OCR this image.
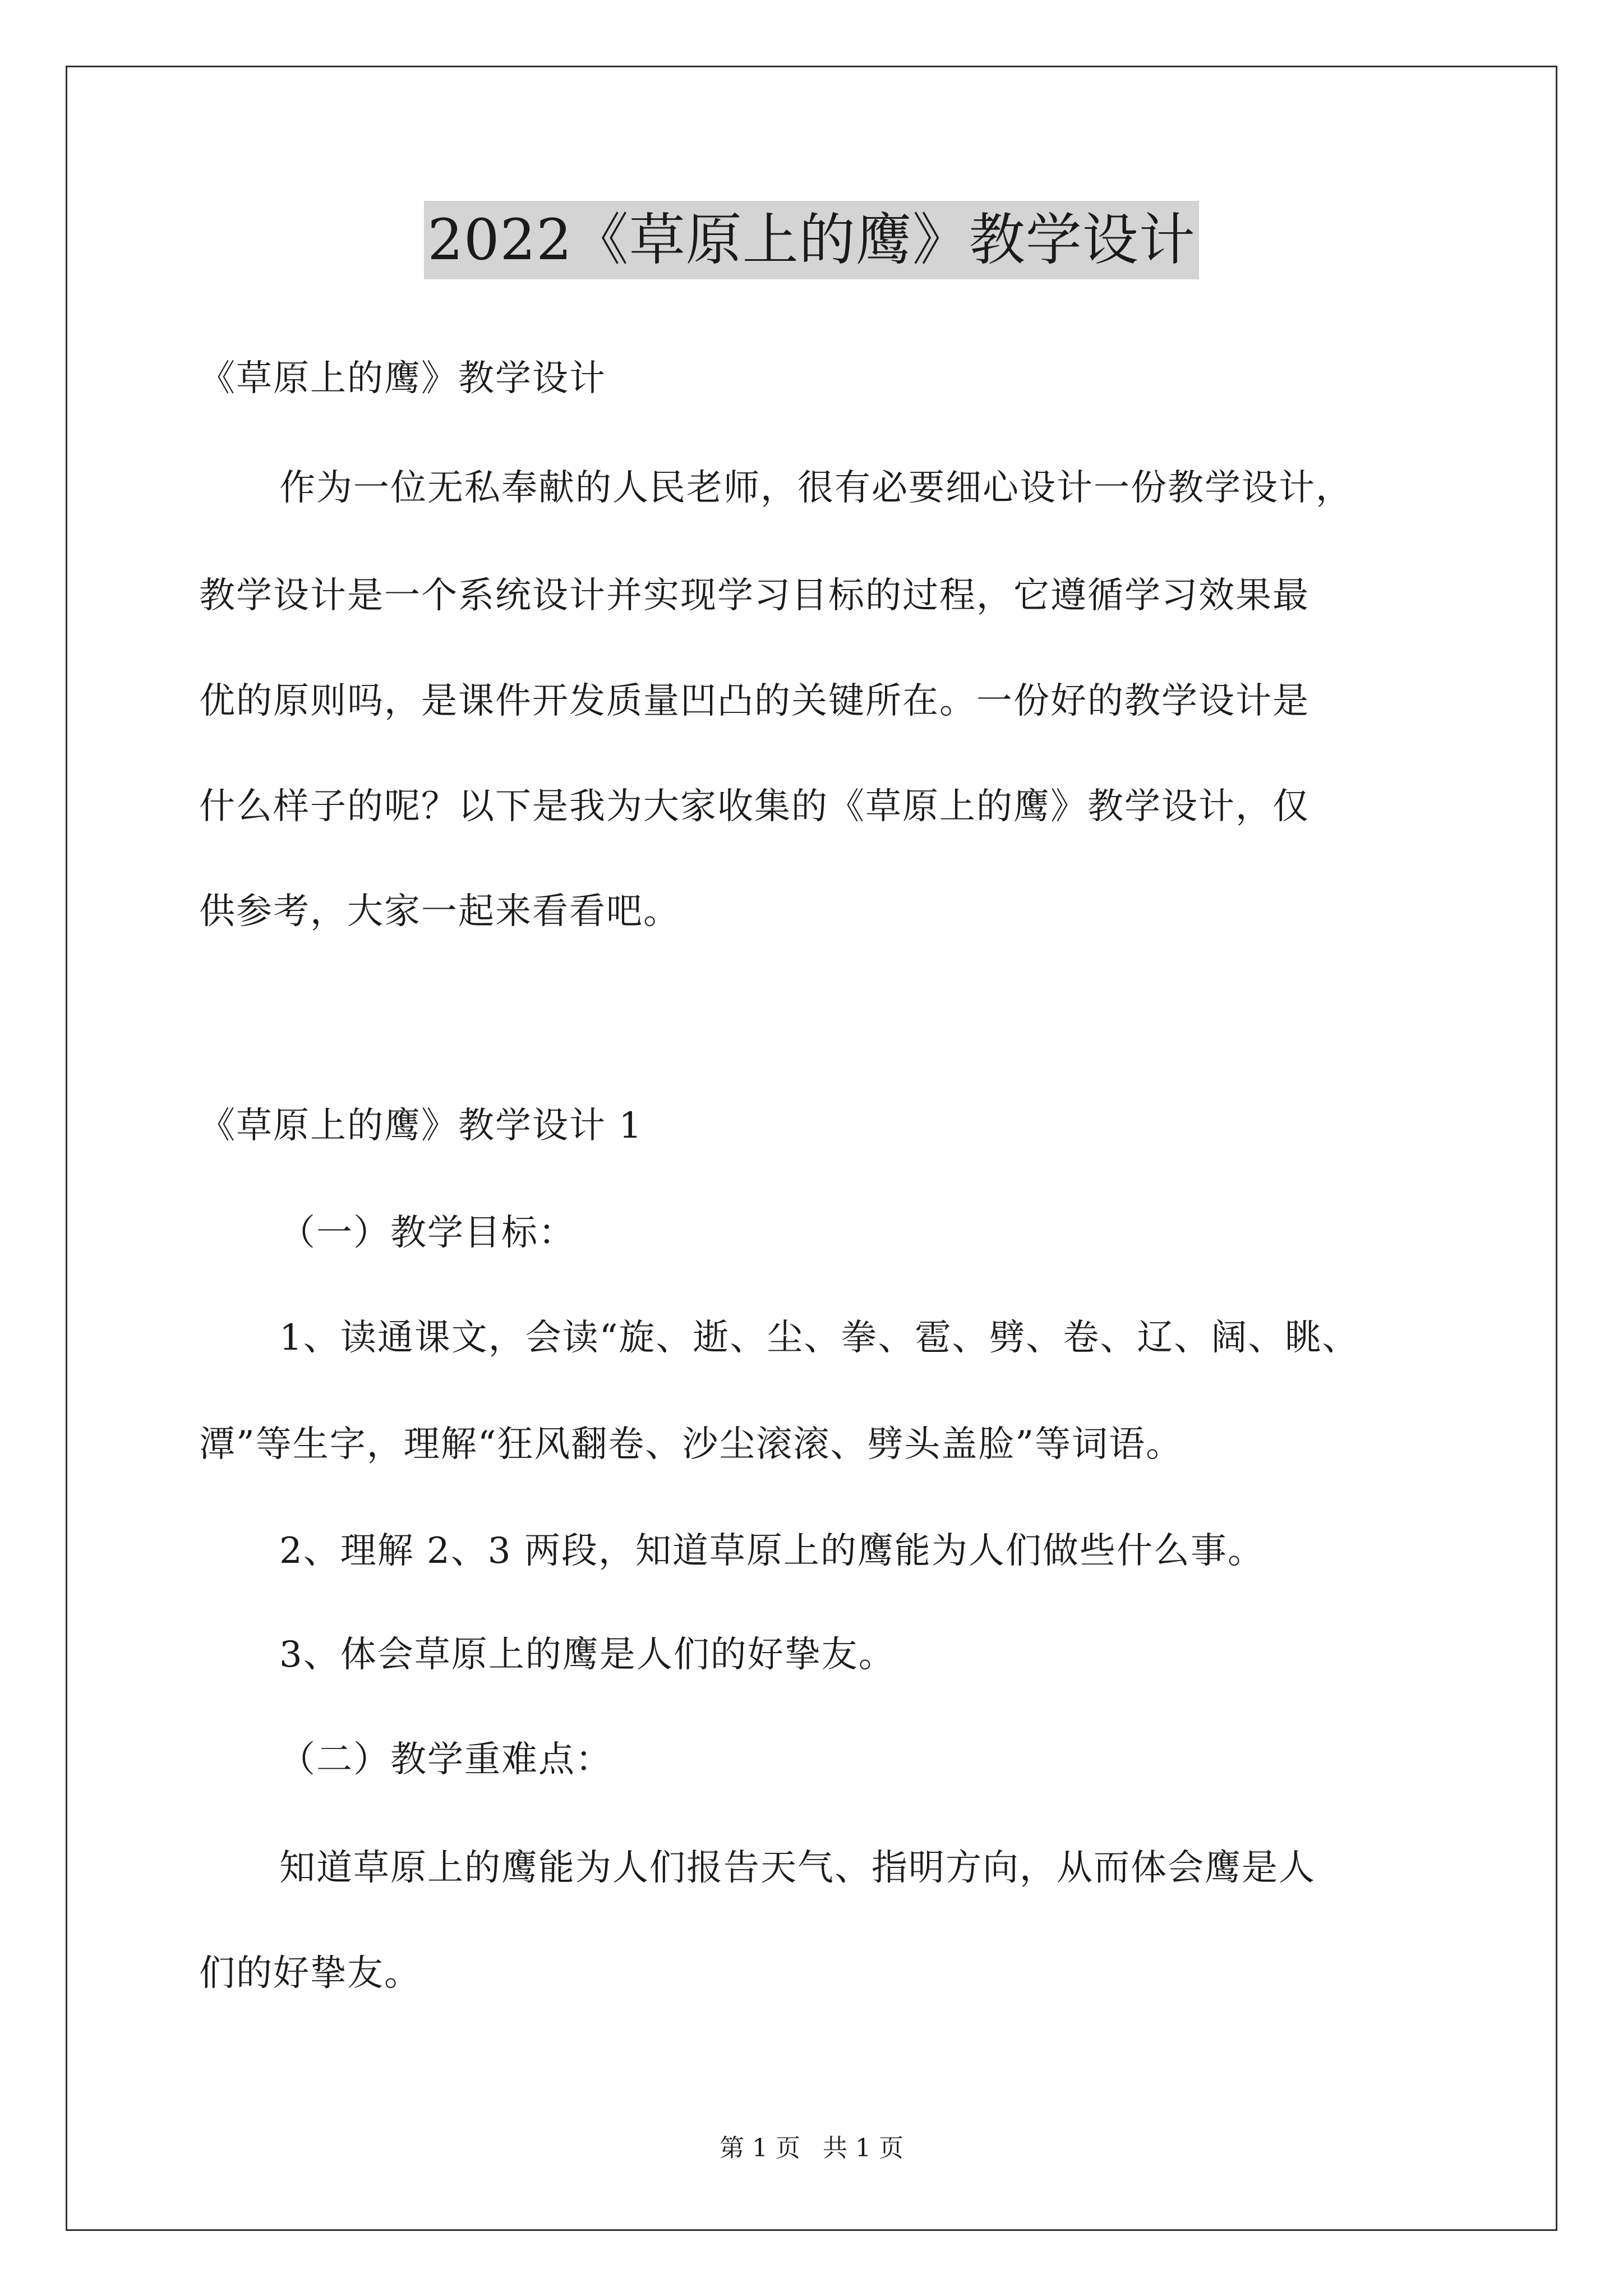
2022《草原上的鹰》教学设计
《草原上的鹰》教学设计
作为一位无私奉献的人民老师，很有必要细心设计一份教学设计，
教学设计是一个系统设计并实现学习目标的过程，它遵循学习效果最
优的原则吗，是课件开发质量凹凸的关键所在。一份好的教学设计是
什么样子的呢？以下是我为大家收集的《草原上的鹰》教学设计，仅
供参考，大家一起来看看吧。
《草原上的鹰》教学设计 1
（一）教学目标：
1、读通课文，会读“旋、逝、尘、拳、雹、劈、卷、辽、阔、眺、
潭”等生字，理解“狂风翻卷、沙尘滚滚、劈头盖脸”等词语。
2、理解 2、3 两段，知道草原上的鹰能为人们做些什么事。
3、体会草原上的鹰是人们的好挚友。
（二）教学重难点：
知道草原上的鹰能为人们报告天气、指明方向，从而体会鹰是人
们的好挚友。
第 1 页 共 1 页
